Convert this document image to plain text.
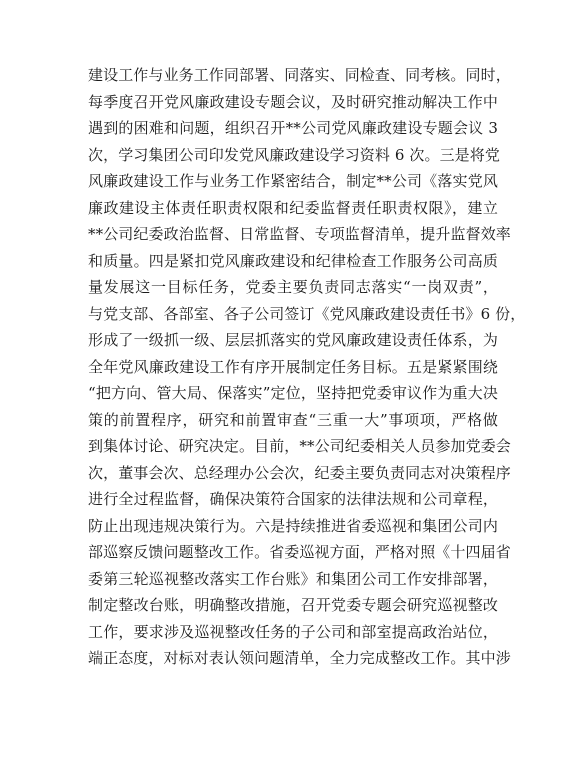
建设工作与业务工作同部署、同落实、同检查、同考核。同时，
每季度召开党风廉政建设专题会议，及时研究推动解决工作中
遇到的困难和问题，组织召开**公司党风廉政建设专题会议 3
次，学习集团公司印发党风廉政建设学习资料 6 次。三是将党
风廉政建设工作与业务工作紧密结合，制定**公司《落实党风
廉政建设主体责任职责权限和纪委监督责任职责权限》，建立
**公司纪委政治监督、日常监督、专项监督清单，提升监督效率
和质量。四是紧扣党风廉政建设和纪律检查工作服务公司高质
量发展这一目标任务，党委主要负责同志落实“一岗双责”，
与党支部、各部室、各子公司签订《党风廉政建设责任书》6 份，
形成了一级抓一级、层层抓落实的党风廉政建设责任体系，为
全年党风廉政建设工作有序开展制定任务目标。五是紧紧围绕
“把方向、管大局、保落实”定位，坚持把党委审议作为重大决
策的前置程序，研究和前置审查“三重一大”事项项，严格做
到集体讨论、研究决定。目前，**公司纪委相关人员参加党委会
次，董事会次、总经理办公会次，纪委主要负责同志对决策程序
进行全过程监督，确保决策符合国家的法律法规和公司章程，
防止出现违规决策行为。六是持续推进省委巡视和集团公司内
部巡察反馈问题整改工作。省委巡视方面，严格对照《十四届省
委第三轮巡视整改落实工作台账》和集团公司工作安排部署，
制定整改台账，明确整改措施，召开党委专题会研究巡视整改
工作，要求涉及巡视整改任务的子公司和部室提高政治站位，
端正态度，对标对表认领问题清单，全力完成整改工作。其中涉
